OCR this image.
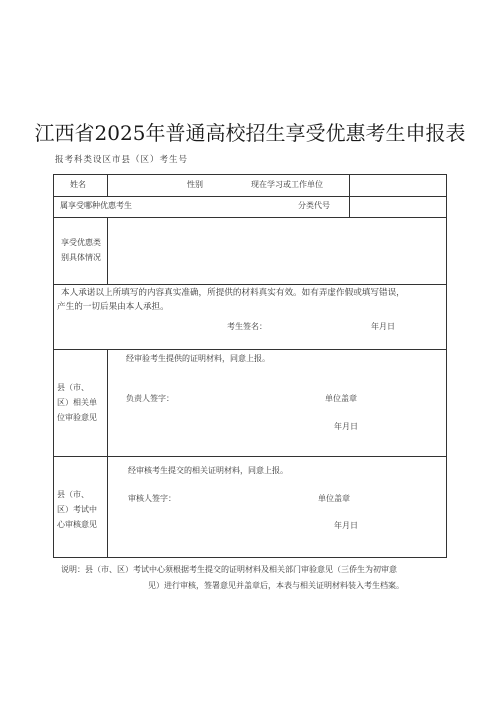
江西省2025年普通高校招生享受优惠考生申报表
报考科类设区市县（区）考生号
姓名	性别	现在学习或工作单位
属享受哪种优惠考生	分类代号
享受优惠类
别具体情况
本人承诺以上所填写的内容真实准确，所提供的材料真实有效。如有弄虚作假或填写错误，
产生的一切后果由本人承担。
考生签名：	年月日
县（市、
区）相关单
位审验意见
经审验考生提供的证明材料，同意上报。
负责人签字：	单位盖章
年月日
县（市、
区）考试中
心审核意见
经审核考生提交的相关证明材料，同意上报。
审核人签字：	单位盖章
年月日
说明：县（市、区）考试中心须根据考生提交的证明材料及相关部门审验意见（三侨生为初审意
见）进行审核，签署意见并盖章后，本表与相关证明材料装入考生档案。
